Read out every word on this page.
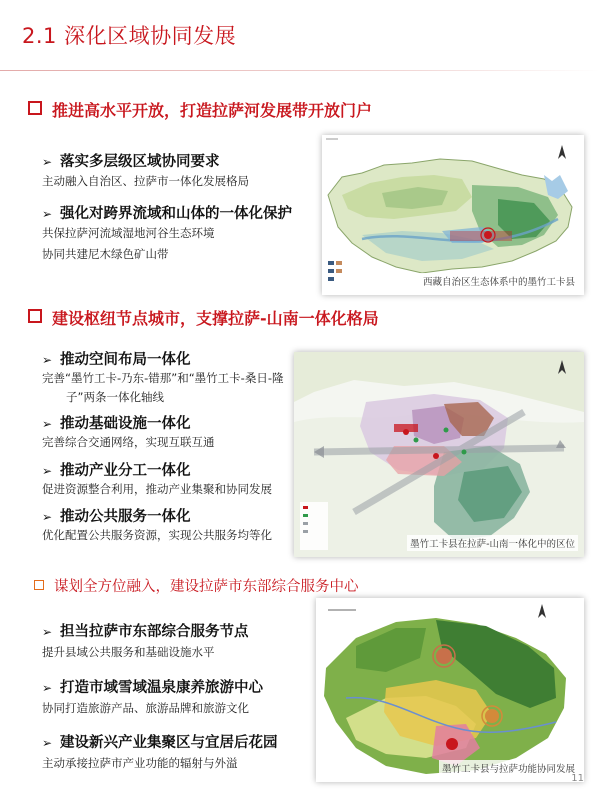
2.1 深化区域协同发展
推进高水平开放，打造拉萨河发展带开放门户
➢ 落实多层级区域协同要求
主动融入自治区、拉萨市一体化发展格局
➢ 强化对跨界流域和山体的一体化保护
共保拉萨河流域湿地河谷生态环境
协同共建尼木绿色矿山带
西藏自治区生态体系中的墨竹工卡县
建设枢纽节点城市，支撑拉萨-山南一体化格局
➢ 推动空间布局一体化
完善“墨竹工卡-乃东-错那”和“墨竹工卡-桑日-隆
子”两条一体化轴线
➢ 推动基础设施一体化
完善综合交通网络，实现互联互通
➢ 推动产业分工一体化
促进资源整合利用，推动产业集聚和协同发展
➢ 推动公共服务一体化
优化配置公共服务资源，实现公共服务均等化
墨竹工卡县在拉萨-山南一体化中的区位
谋划全方位融入，建设拉萨市东部综合服务中心
➢ 担当拉萨市东部综合服务节点
提升县域公共服务和基础设施水平
➢ 打造市域雪域温泉康养旅游中心
协同打造旅游产品、旅游品牌和旅游文化
➢ 建设新兴产业集聚区与宜居后花园
主动承接拉萨市产业功能的辐射与外溢	墨竹工卡县与拉萨功能协同发展
11
